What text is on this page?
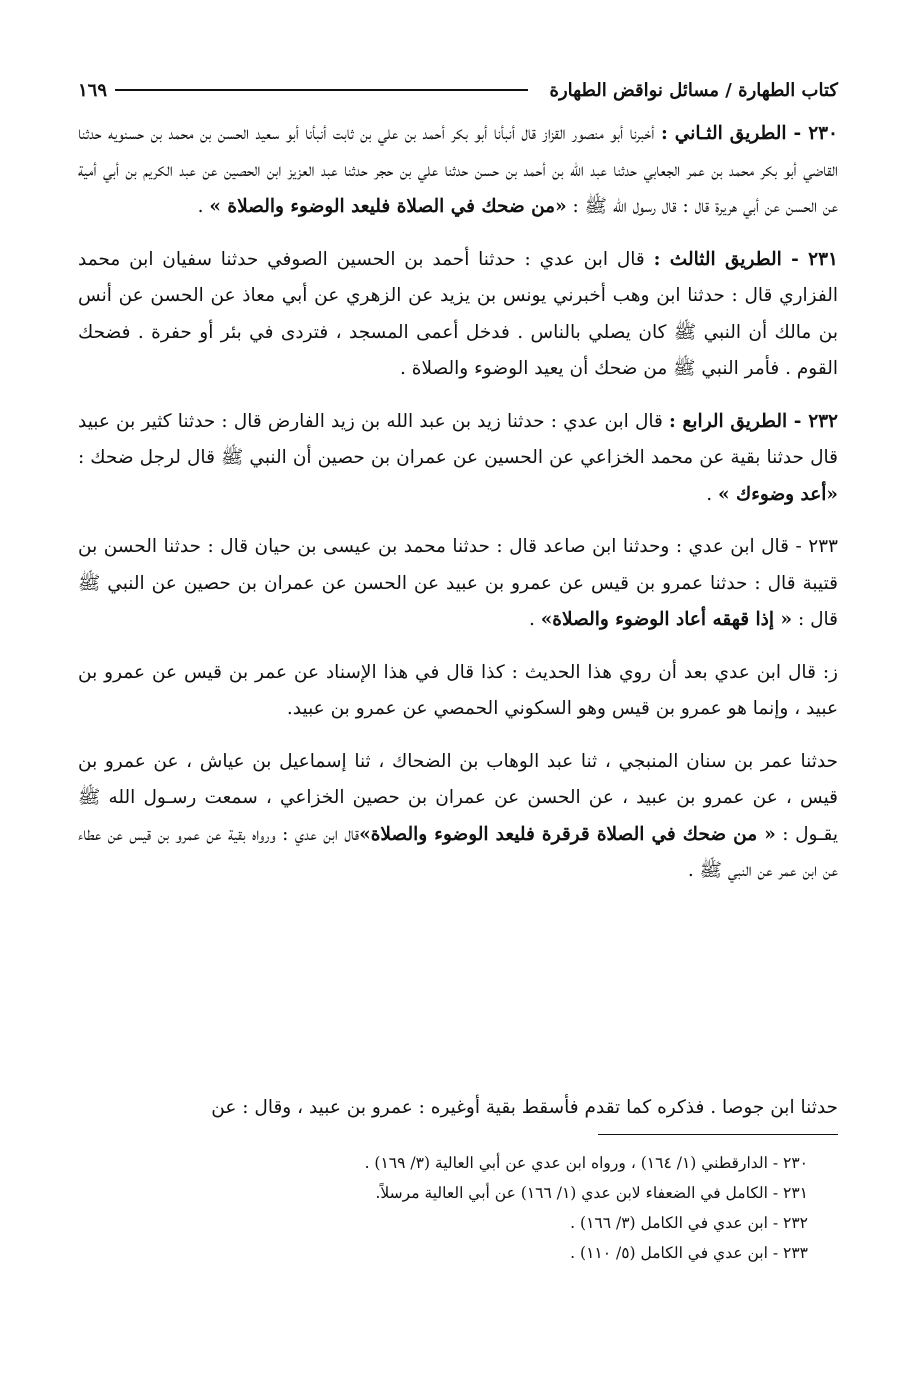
كتاب الطهارة / مسائل نواقض الطهارة
١٦٩

٢٣٠ - الطريق الثـاني : أخبرنا أبو منصور القزاز قال أنبأنا أبو بكر أحمد بن علي بن ثابت أنبأنا أبو سعيد الحسن بن محمد بن حسنويه حدثنا القاضي أبو بكر محمد بن عمر الجعابي حدثنا عبد الله بن أحمد بن حسن حدثنا علي بن حجر حدثنا عبد العزيز ابن الحصين عن عبد الكريم بن أبي أمية عن الحسن عن أبي هريرة قال : قال رسول الله ﷺ : «من ضحك في الصلاة فليعد الوضوء والصلاة » .

٢٣١ - الطريق الثالث : قال ابن عدي : حدثنا أحمد بن الحسين الصوفي حدثنا سفيان ابن محمد الفزاري قال : حدثنا ابن وهب أخبرني يونس بن يزيد عن الزهري عن أبي معاذ عن الحسن عن أنس بن مالك أن النبي ﷺ كان يصلي بالناس . فدخل أعمى المسجد ، فتردى في بئر أو حفرة . فضحك القوم . فأمر النبي ﷺ من ضحك أن يعيد الوضوء والصلاة .

٢٣٢ - الطريق الرابع : قال ابن عدي : حدثنا زيد بن عبد الله بن زيد الفارض قال : حدثنا كثير بن عبيد قال حدثنا بقية عن محمد الخزاعي عن الحسين عن عمران بن حصين أن النبي ﷺ قال لرجل ضحك : «أعد وضوءك » .

٢٣٣ - قال ابن عدي : وحدثنا ابن صاعد قال : حدثنا محمد بن عيسى بن حيان قال : حدثنا الحسن بن قتيبة قال : حدثنا عمرو بن قيس عن عمرو بن عبيد عن الحسن عن عمران بن حصين عن النبي ﷺ قال : « إذا قهقه أعاد الوضوء والصلاة» .

ز: قال ابن عدي بعد أن روي هذا الحديث : كذا قال في هذا الإسناد عن عمر بن قيس عن عمرو بن عبيد ، وإنما هو عمرو بن قيس وهو السكوني الحمصي عن عمرو بن عبيد.

حدثنا عمر بن سنان المنبجي ، ثنا عبد الوهاب بن الضحاك ، ثنا إسماعيل بن عياش ، عن عمرو بن قيس ، عن عمرو بن عبيد ، عن الحسن عن عمران بن حصين الخزاعي ، سمعت رسـول الله ﷺ يقـول : « من ضحك في الصلاة قرقرة فليعد الوضوء والصلاة»قال ابن عدي : ورواه بقية عن عمرو بن قيس عن عطاء عن ابن عمر عن النبي ﷺ .

حدثنا ابن جوصا . فذكره كما تقدم فأسقط بقية أوغيره : عمرو بن عبيد ، وقال : عن

٢٣٠ - الدارقطني (١/ ١٦٤) ، ورواه ابن عدي عن أبي العالية (٣/ ١٦٩) .

٢٣١ - الكامل في الضعفاء لابن عدي (١/ ١٦٦) عن أبي العالية مرسلاً.

٢٣٢ - ابن عدي في الكامل (٣/ ١٦٦) .

٢٣٣ - ابن عدي في الكامل (٥/ ١١٠) .
